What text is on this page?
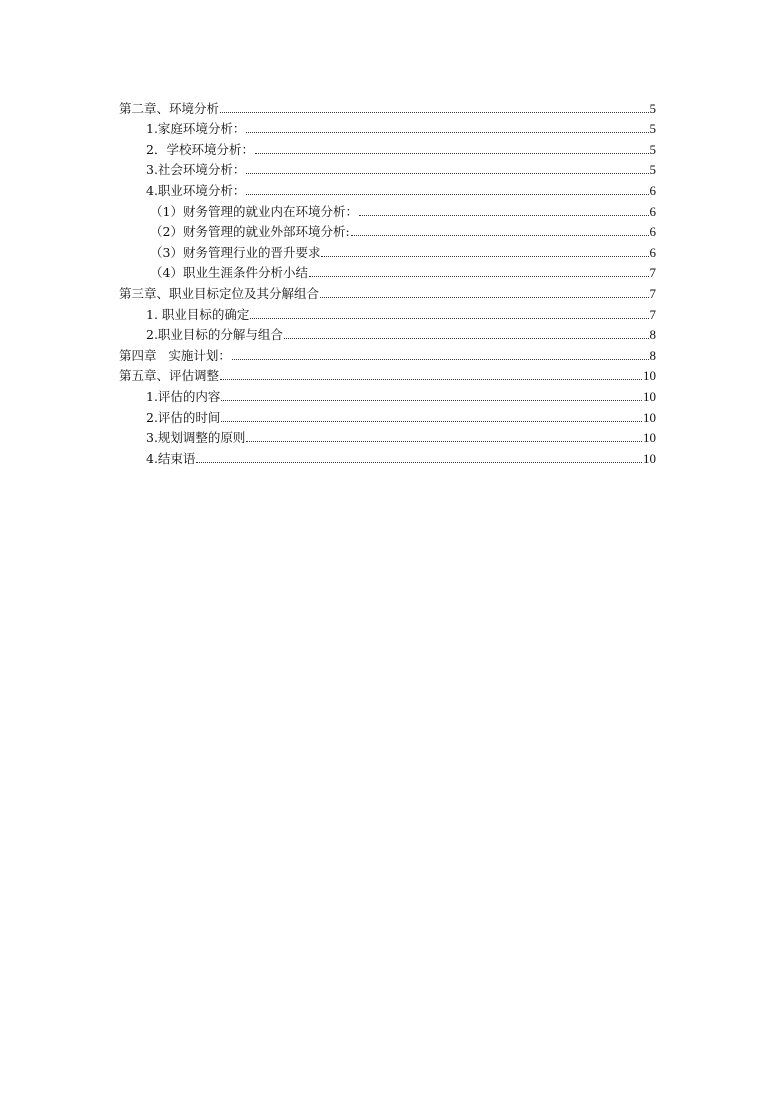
第二章、环境分析	5
1.家庭环境分析：	5
2．学校环境分析：	5
3.社会环境分析：	5
4.职业环境分析：	6
（1）财务管理的就业内在环境分析：	6
（2）财务管理的就业外部环境分析:	6
（3）财务管理行业的晋升要求	6
（4）职业生涯条件分析小结	7
第三章、职业目标定位及其分解组合	7
1. 职业目标的确定	7
2.职业目标的分解与组合	8
第四章   实施计划：	8
第五章、评估调整	10
1.评估的内容	10
2.评估的时间	10
3.规划调整的原则	10
4.结束语	10
